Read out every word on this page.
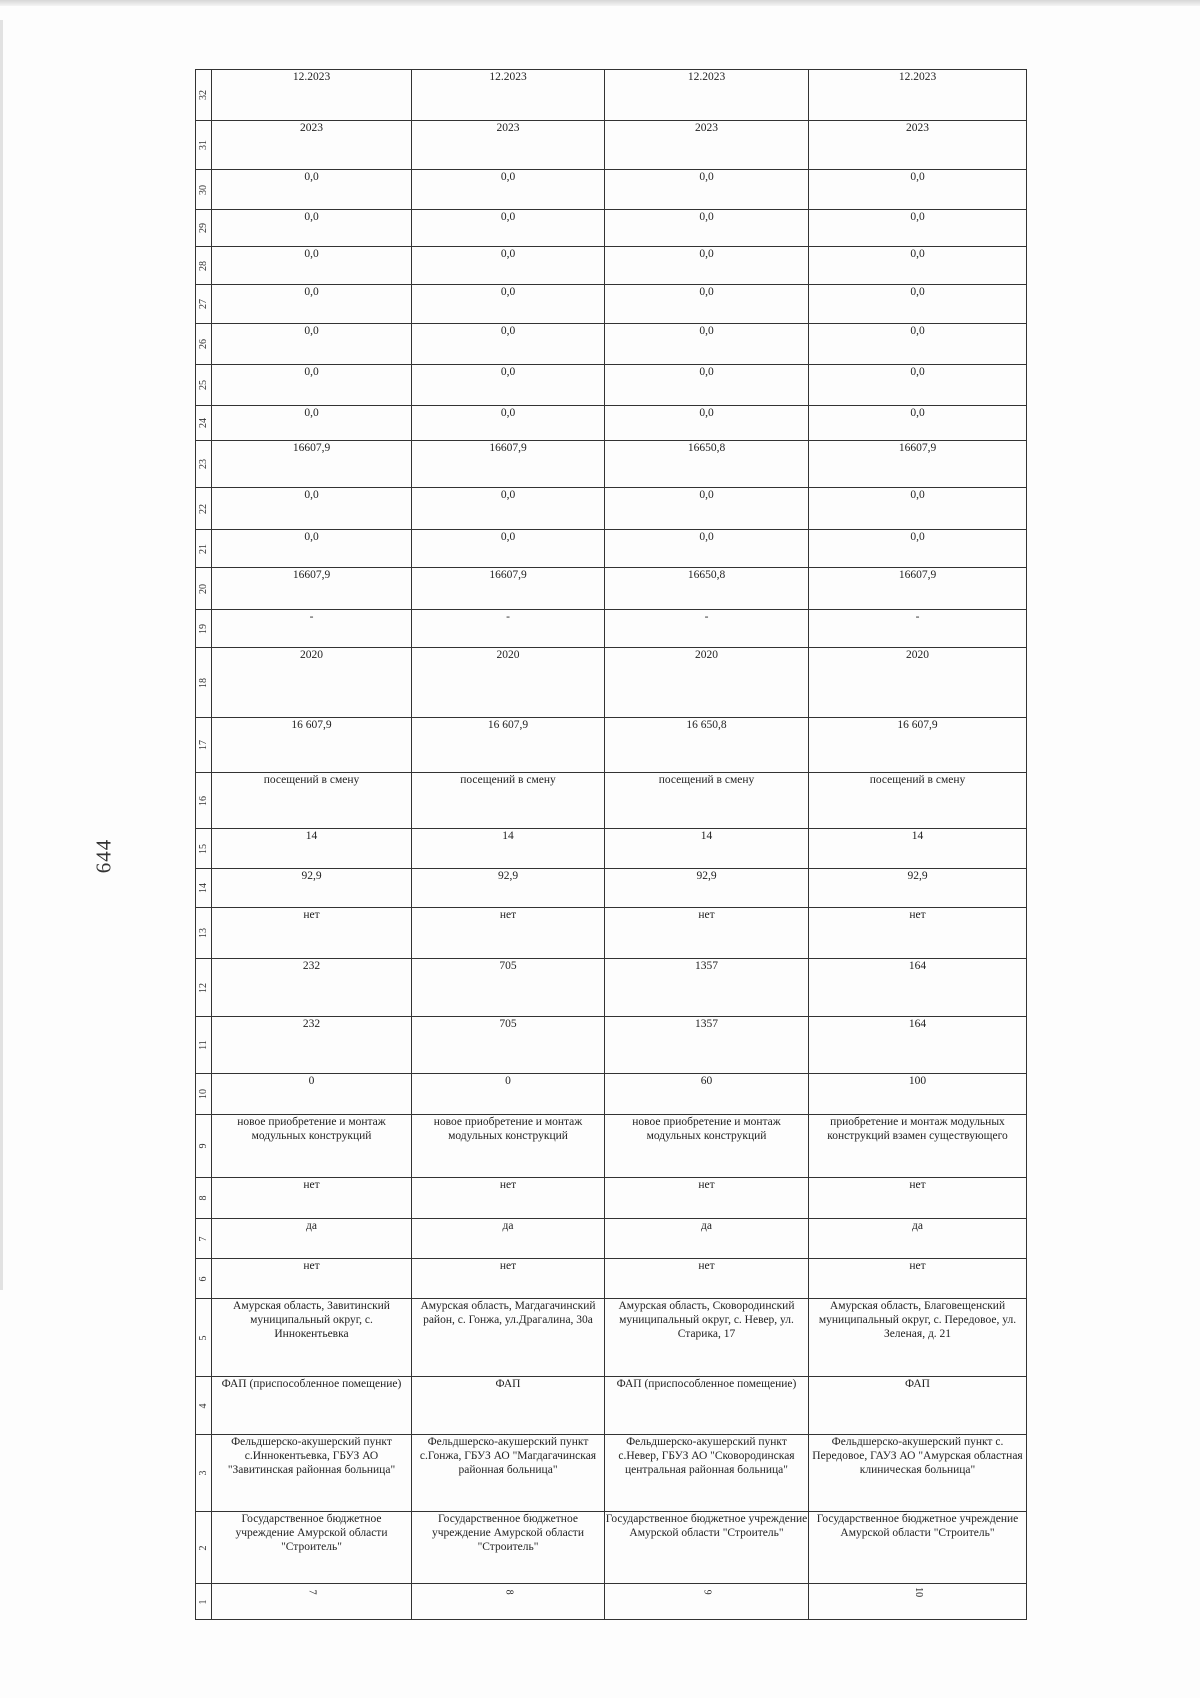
644
32	12.2023	12.2023	12.2023	12.2023

31	2023	2023	2023	2023

30	0,0	0,0	0,0	0,0

29	0,0	0,0	0,0	0,0

28	0,0	0,0	0,0	0,0

27	0,0	0,0	0,0	0,0

26	0,0	0,0	0,0	0,0

25	0,0	0,0	0,0	0,0

24	0,0	0,0	0,0	0,0

23	16607,9	16607,9	16650,8	16607,9

22	0,0	0,0	0,0	0,0

21	0,0	0,0	0,0	0,0

20	16607,9	16607,9	16650,8	16607,9

19	-	-	-	-

18	2020	2020	2020	2020

17	16 607,9	16 607,9	16 650,8	16 607,9

16	посещений в смену	посещений в смену	посещений в смену	посещений в смену

15	14	14	14	14

14	92,9	92,9	92,9	92,9

13	нет	нет	нет	нет

12	232	705	1357	164

11	232	705	1357	164

10	0	0	60	100

9	новое приобретение и монтаж модульных конструкций	новое приобретение и монтаж модульных конструкций	новое приобретение и монтаж модульных конструкций	приобретение и монтаж модульных конструкций взамен существующего

8	нет	нет	нет	нет

7	да	да	да	да

6	нет	нет	нет	нет

5	Амурская область, Завитинский муниципальный округ, с. Иннокентьевка	Амурская область, Магдагачинский район, с. Гонжа, ул.Драгалина, 30а	Амурская область, Сковородинский муниципальный округ, с. Невер, ул. Старика, 17	Амурская область, Благовещенский муниципальный округ, с. Передовое, ул. Зеленая, д. 21

4	ФАП (приспособленное помещение)	ФАП	ФАП (приспособленное помещение)	ФАП

3	Фельдшерско-акушерский пункт с.Иннокентьевка, ГБУЗ АО "Завитинская районная больница"	Фельдшерско-акушерский пункт с.Гонжа, ГБУЗ АО "Магдагачинская районная больница"	Фельдшерско-акушерский пункт с.Невер, ГБУЗ АО "Сковородинская центральная районная больница"	Фельдшерско-акушерский пункт с. Передовое, ГАУЗ АО "Амурская областная клиническая больница"

2	Государственное бюджетное учреждение Амурской области "Строитель"	Государственное бюджетное учреждение Амурской области "Строитель"	Государственное бюджетное учреждение Амурской области "Строитель"	Государственное бюджетное учреждение Амурской области "Строитель"

1	7	8	9	10
